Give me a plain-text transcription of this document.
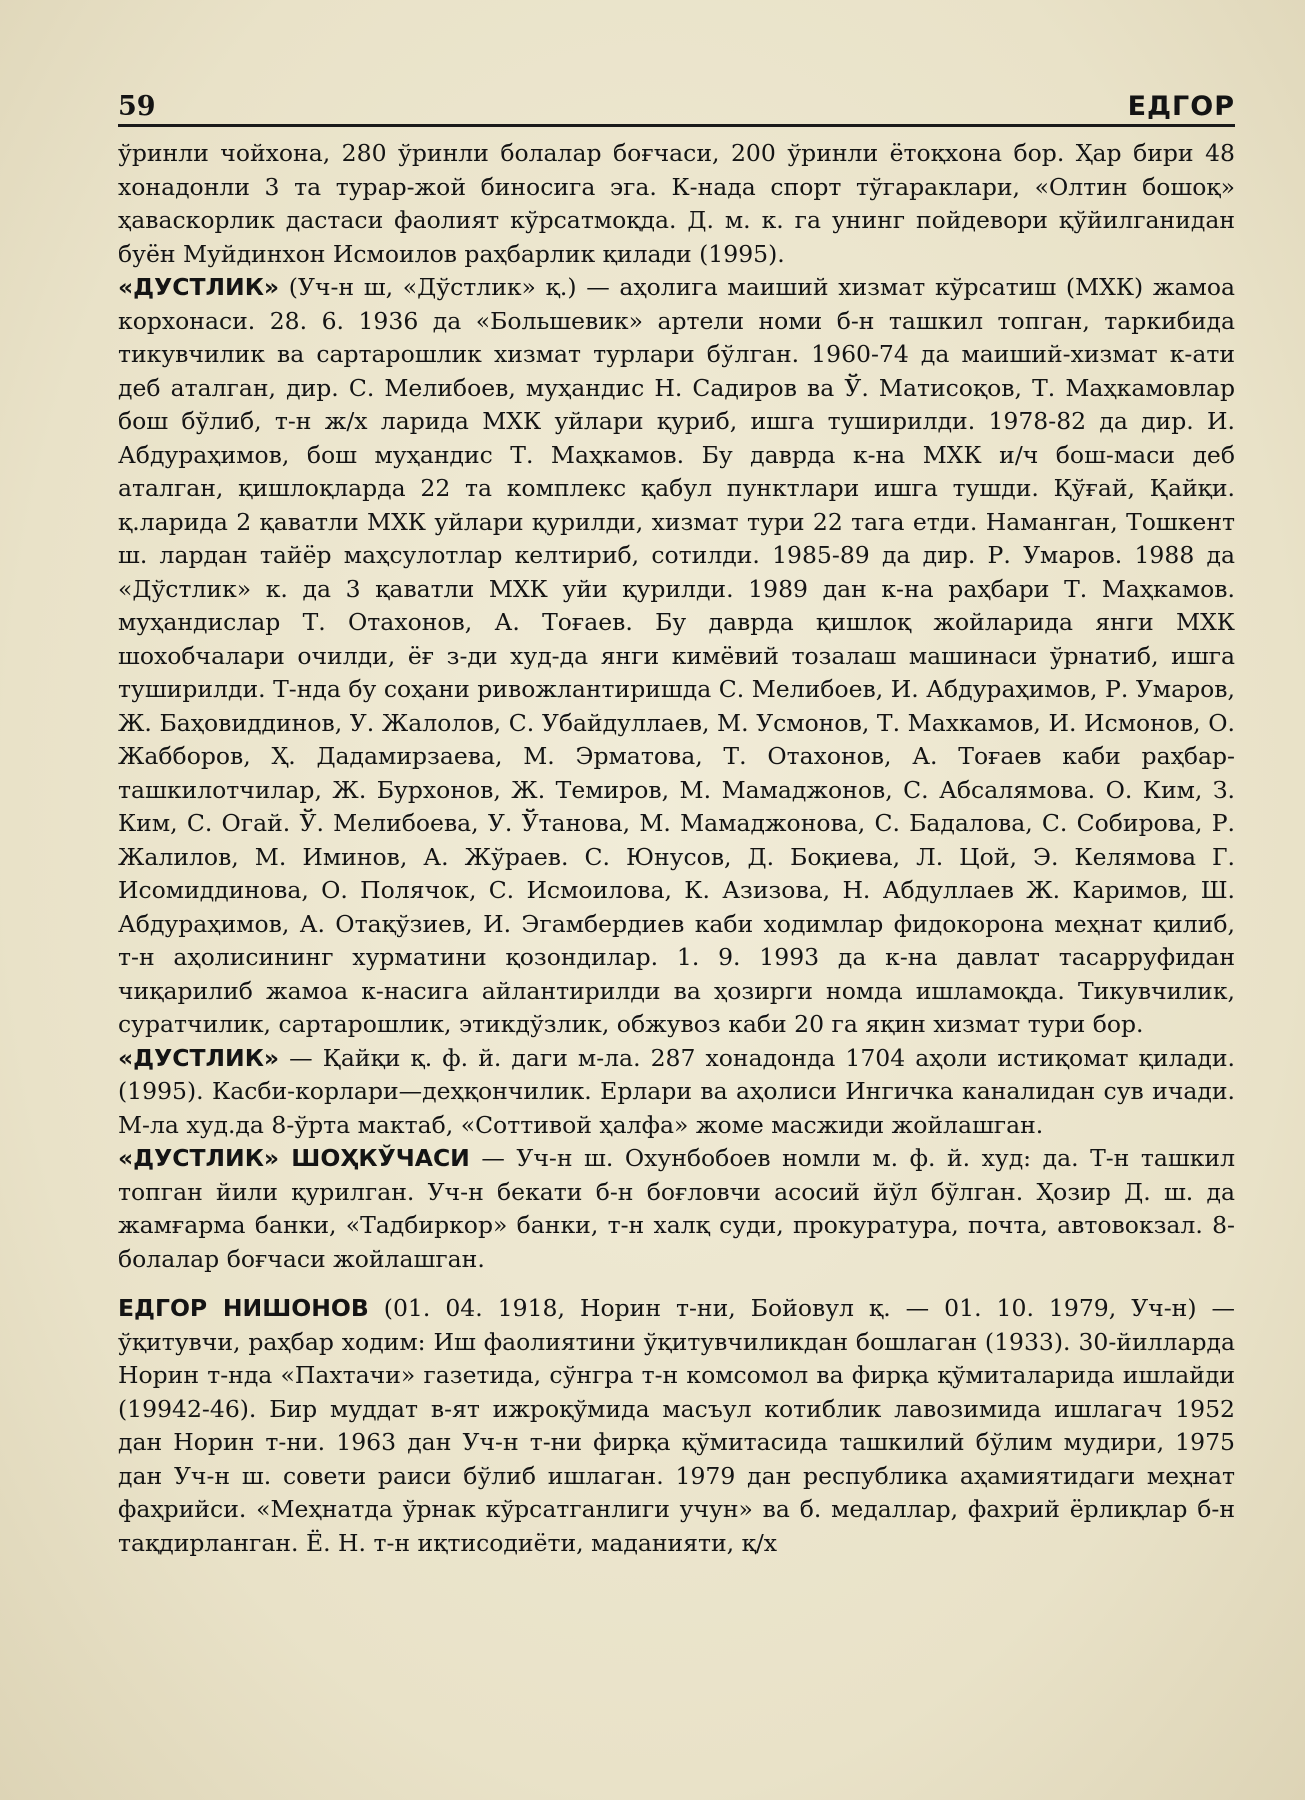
59	ЕДГОР

ўринли чойхона, 280 ўринли болалар боғчаси, 200 ўринли ётоқхона бор. Ҳар бири 48 хонадонли 3 та турар-жой биносига эга. К-нада спорт тўгараклари, «Олтин бошоқ» ҳаваскорлик дастаси фаолият кўрсатмоқда. Д. м. к. га унинг пойдевори қўйилганидан буён Муйдинхон Исмоилов раҳбарлик қилади (1995).

«ДУСТЛИК» (Уч-н ш, «Дўстлик» қ.) — аҳолига маиший хизмат кўрсатиш (МХК) жамоа корхонаси. 28. 6. 1936 да «Большевик» артели номи б-н ташкил топган, таркибида тикувчилик ва сартарошлик хизмат турлари бўлган. 1960-74 да маиший-хизмат к-ати деб аталган, дир. С. Мелибоев, муҳандис Н. Садиров ва Ў. Матисоқов, Т. Маҳкамовлар бош бўлиб, т-н ж/х ларида МХК уйлари қуриб, ишга туширилди. 1978-82 да дир. И. Абдураҳимов, бош муҳандис Т. Маҳкамов. Бу даврда к-на МХК и/ч бош-маси деб аталган, қишлоқларда 22 та комплекс қабул пунктлари ишга тушди. Қўғай, Қайқи. қ.ларида 2 қаватли МХК уйлари қурилди, хизмат тури 22 тага етди. Наманган, Тошкент ш. лардан тайёр маҳсулотлар келтириб, сотилди. 1985-89 да дир. Р. Умаров. 1988 да «Дўстлик» к. да 3 қаватли МХК уйи қурилди. 1989 дан к-на раҳбари Т. Маҳкамов. муҳандислар Т. Отахонов, А. Тоғаев. Бу даврда қишлоқ жойларида янги МХК шохобчалари очилди, ёғ з-ди худ-да янги кимёвий тозалаш машинаси ўрнатиб, ишга туширилди. Т-нда бу соҳани ривожлантиришда С. Мелибоев, И. Абдураҳимов, Р. Умаров, Ж. Баҳовиддинов, У. Жалолов, С. Убайдуллаев, М. Усмонов, Т. Махкамов, И. Исмонов, О. Жабборов, Ҳ. Дадамирзаева, М. Эрматова, Т. Отахонов, А. Тоғаев каби раҳбар-ташкилотчилар, Ж. Бурхонов, Ж. Темиров, М. Мамаджонов, С. Абсалямова. О. Ким, З. Ким, С. Огай. Ў. Мелибоева, У. Ўтанова, М. Мамаджонова, С. Бадалова, С. Собирова, Р. Жалилов, М. Иминов, А. Жўраев. С. Юнусов, Д. Боқиева, Л. Цой, Э. Келямова Г. Исомиддинова, О. Полячок, С. Исмоилова, К. Азизова, Н. Абдуллаев Ж. Каримов, Ш. Абдураҳимов, А. Отақўзиев, И. Эгамбердиев каби ходимлар фидокорона меҳнат қилиб, т-н аҳолисининг хурматини қозондилар. 1. 9. 1993 да к-на давлат тасарруфидан чиқарилиб жамоа к-насига айлантирилди ва ҳозирги номда ишламоқда. Тикувчилик, суратчилик, сартарошлик, этикдўзлик, обжувоз каби 20 га яқин хизмат тури бор.

«ДУСТЛИК» — Қайқи қ. ф. й. даги м-ла. 287 хонадонда 1704 аҳоли истиқомат қилади. (1995). Касби-корлари—деҳқончилик. Ерлари ва аҳолиси Ингичка каналидан сув ичади. М-ла худ.да 8-ўрта мактаб, «Соттивой ҳалфа» жоме масжиди жойлашган.

«ДУСТЛИК» ШОҲКЎЧАСИ — Уч-н ш. Охунбобоев номли м. ф. й. худ: да. Т-н ташкил топган йили қурилган. Уч-н бекати б-н боғловчи асосий йўл бўлган. Ҳозир Д. ш. да жамғарма банки, «Тадбиркор» банки, т-н халқ суди, прокуратура, почта, автовокзал. 8-болалар боғчаси жойлашган.

ЕДГОР НИШОНОВ (01. 04. 1918, Норин т-ни, Бойовул қ. — 01. 10. 1979, Уч-н) — ўқитувчи, раҳбар ходим: Иш фаолиятини ўқитувчиликдан бошлаган (1933). 30-йилларда Норин т-нда «Пахтачи» газетида, сўнгра т-н комсомол ва фирқа қўмиталарида ишлайди (19942-46). Бир муддат в-ят ижроқўмида масъул котиблик лавозимида ишлагач 1952 дан Норин т-ни. 1963 дан Уч-н т-ни фирқа қўмитасида ташкилий бўлим мудири, 1975 дан Уч-н ш. совети раиси бўлиб ишлаган. 1979 дан республика аҳамиятидаги меҳнат фаҳрийси. «Меҳнатда ўрнак кўрсатганлиги учун» ва б. медаллар, фахрий ёрлиқлар б-н тақдирланган. Ё. Н. т-н иқтисодиёти, маданияти, қ/х
